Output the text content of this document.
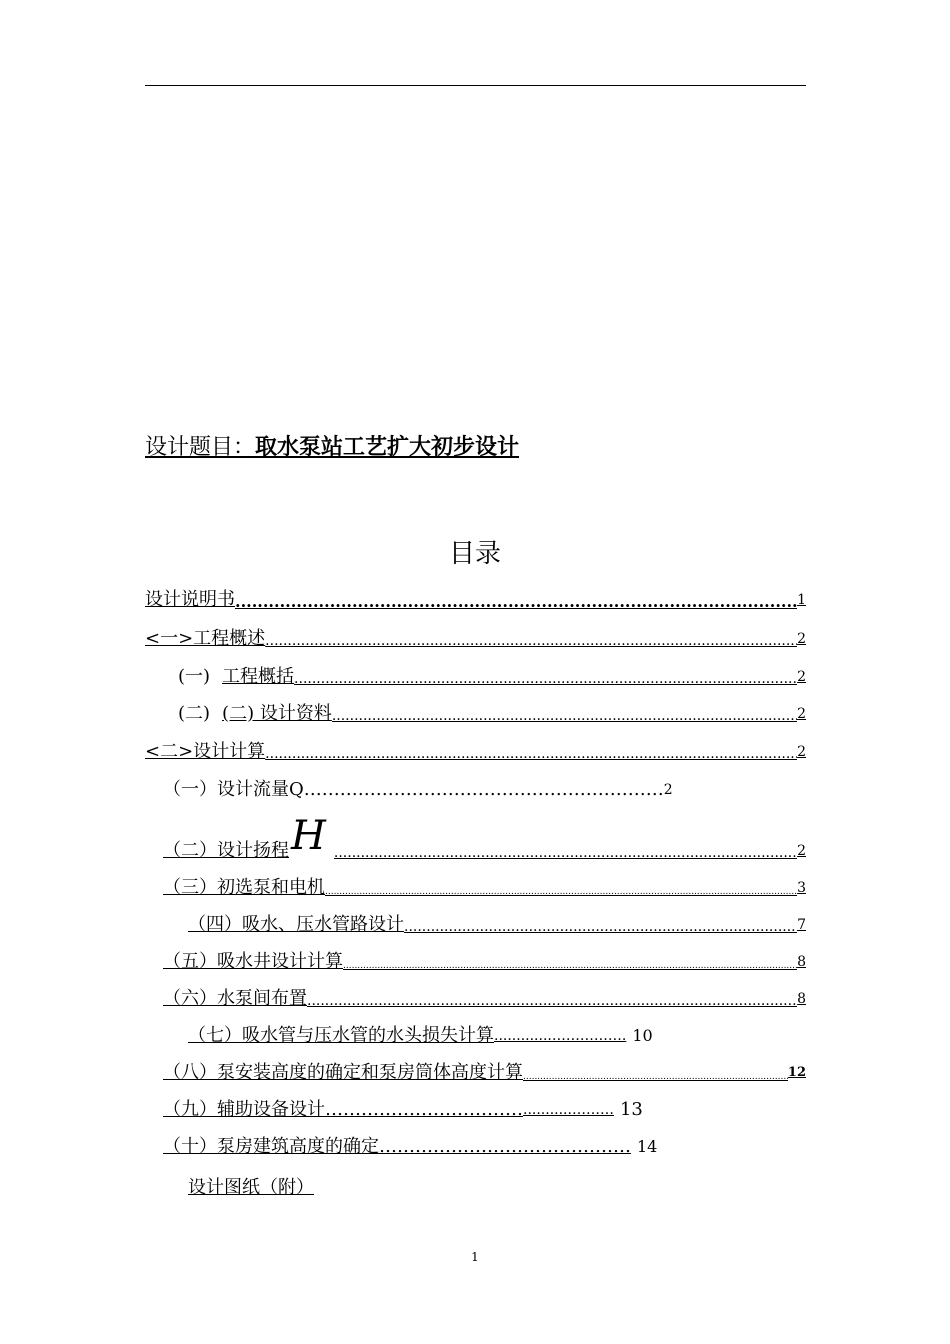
设计题目：取水泵站工艺扩大初步设计
目录
设计说明书 .....	1
<一>工程概述 .....	2
(一) 工程概括 .....	2
(二) (二) 设计资料 .....	2
<二>设计计算 .....	2
（一）设计流量Q…………………………………………………… 2
（二）设计扬程 H .....	2
（三）初选泵和电机 .....	3
（四）吸水、压水管路设计 .....	7
（五）吸水井设计计算 .....	8
（六）水泵间布置 .....	8
（七）吸水管与压水管的水头损失计算 .............……………. 10
（八）泵安装高度的确定和泵房筒体高度计算 .....	12
（九）辅助设备设计…………………………… ...........……… 13
（十）泵房建筑高度的确定…………………………………… 14
设计图纸（附）
1
